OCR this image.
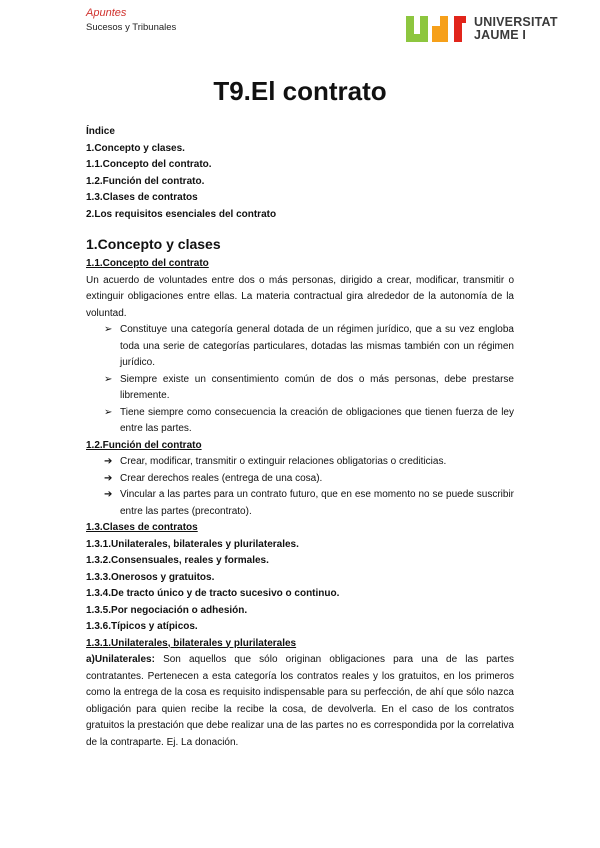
Apuntes
Sucesos y Tribunales	UNIVERSITAT
JAUME I
T9.El contrato

Índice

1.Concepto y clases.

1.1.Concepto del contrato.

1.2.Función del contrato.

1.3.Clases de contratos

2.Los requisitos esenciales del contrato

1.Concepto y clases

1.1.Concepto del contrato

Un acuerdo de voluntades entre dos o más personas, dirigido a crear, modificar, transmitir o extinguir obligaciones entre ellas. La materia contractual gira alrededor de la autonomía de la voluntad.

➢ Constituye una categoría general dotada de un régimen jurídico, que a su vez engloba toda una serie de categorías particulares, dotadas las mismas también con un régimen jurídico.
➢ Siempre existe un consentimiento común de dos o más personas, debe prestarse libremente.
➢ Tiene siempre como consecuencia la creación de obligaciones que tienen fuerza de ley entre las partes.

1.2.Función del contrato

➔ Crear, modificar, transmitir o extinguir relaciones obligatorias o crediticias.
➔ Crear derechos reales (entrega de una cosa).
➔ Vincular a las partes para un contrato futuro, que en ese momento no se puede suscribir entre las partes (precontrato).

1.3.Clases de contratos

1.3.1.Unilaterales, bilaterales y plurilaterales.

1.3.2.Consensuales, reales y formales.

1.3.3.Onerosos y gratuitos.

1.3.4.De tracto único y de tracto sucesivo o continuo.

1.3.5.Por negociación o adhesión.

1.3.6.Típicos y atípicos.

1.3.1.Unilaterales, bilaterales y plurilaterales

a)Unilaterales: Son aquellos que sólo originan obligaciones para una de las partes contratantes. Pertenecen a esta categoría los contratos reales y los gratuitos, en los primeros como la entrega de la cosa es requisito indispensable para su perfección, de ahí que sólo nazca obligación para quien recibe la recibe la cosa, de devolverla. En el caso de los contratos gratuitos la prestación que debe realizar una de las partes no es correspondida por la correlativa de la contraparte. Ej. La donación.
